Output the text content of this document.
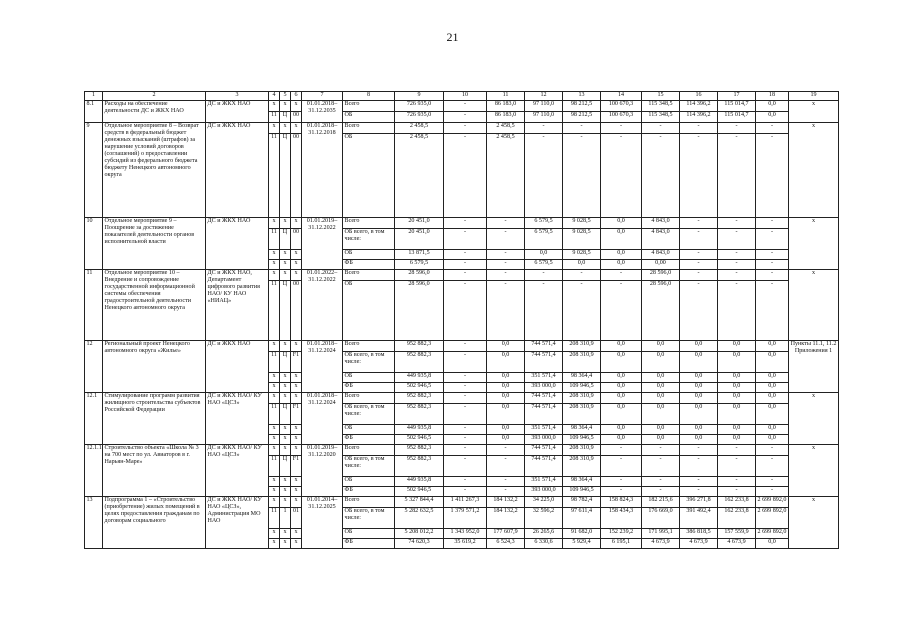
21
1	2	3	4	5	6	7	8	9	10	11	12	13	14	15	16	17	18	19
8.1	Расходы на обеспечение деятельности ДС и ЖКХ НАО	ДС и ЖКХ НАО	х	х	х	01.01.2018–31.12.2035	Всего	726 935,0	-	86 183,0	97 110,0	98 212,5	100 670,3	115 348,5	114 396,2	115 014,7	0,0	х
			11	Ц	00		ОБ	726 935,0	-	86 183,0	97 110,0	98 212,5	100 670,3	115 348,5	114 396,2	115 014,7	0,0	
9	Отдельное мероприятие 8 – Возврат средств в федеральный бюджет денежных взысканий (штрафов) за нарушение условий договоров (соглашений) о предоставлении субсидий из федерального бюджета бюджету Ненецкого автономного округа	ДС и ЖКХ НАО	х	х	х	01.01.2018–31.12.2018	Всего	2 458,5	-	2 458,5	-	-	-	-	-	-	-	х
			11	Ц	00		ОБ	2 458,5	-	2 458,5	-	-	-	-	-	-	-	
10	Отдельное мероприятие 9 – Поощрение за достижение показателей деятельности органов исполнительной власти	ДС и ЖКХ НАО	х	х	х	01.01.2019–31.12.2022	Всего	20 451,0	-	-	6 579,5	9 028,5	0,0	4 843,0	-	-	-	х
			11	Ц	00		ОБ всего, в том числе:	20 451,0	-	-	6 579,5	9 028,5	0,0	4 843,0	-	-	-	
			х	х	х		ОБ	13 871,5	-	-	0,0	9 028,5	0,0	4 843,0	-	-	-	
			х	х	х		ФБ	6 579,5	-	-	6 579,5	0,0	0,0	0,00	-	-	-	
11	Отдельное мероприятие 10 – Внедрение и сопровождение государственной информационной системы обеспечения градостроительной деятельности Ненецкого автономного округа	ДС и ЖКХ НАО, Департамент цифрового развития НАО/ КУ НАО «НИАЦ»	х	х	х	01.01.2022–31.12.2022	Всего	28 596,0	-	-	-	-	-	28 596,0	-	-	-	х
			11	Ц	00		ОБ	28 596,0	-	-	-	-	-	28 596,0	-	-	-	
12	Региональный проект Ненецкого автономного округа «Жилье»	ДС и ЖКХ НАО	х	х	х	01.01.2018–31.12.2024	Всего	952 882,3	-	0,0	744 571,4	208 310,9	0,0	0,0	0,0	0,0	0,0	Пункты 11.1, 11.2 Приложения 1
			11	Ц	F1		ОБ всего, в том числе:	952 882,3	-	0,0	744 571,4	208 310,9	0,0	0,0	0,0	0,0	0,0	
			х	х	х		ОБ	449 935,8	-	0,0	351 571,4	98 364,4	0,0	0,0	0,0	0,0	0,0	
			х	х	х		ФБ	502 946,5	-	0,0	393 000,0	109 946,5	0,0	0,0	0,0	0,0	0,0	
12.1	Стимулирование программ развития жилищного строительства субъектов Российской Федерации	ДС и ЖКХ НАО/ КУ НАО «ЦСЗ»	х	х	х	01.01.2018–31.12.2024	Всего	952 882,3	-	0,0	744 571,4	208 310,9	0,0	0,0	0,0	0,0	0,0	х
			11	Ц	F1		ОБ всего, в том числе:	952 882,3	-	0,0	744 571,4	208 310,9	0,0	0,0	0,0	0,0	0,0	
			х	х	х		ОБ	449 935,8	-	0,0	351 571,4	98 364,4	0,0	0,0	0,0	0,0	0,0	
			х	х	х		ФБ	502 946,5	-	0,0	393 000,0	109 946,5	0,0	0,0	0,0	0,0	0,0	
12.1.1	Строительство объекта «Школа № 3 на 700 мест по ул. Авиаторов в г. Нарьян-Маре»	ДС и ЖКХ НАО/ КУ НАО «ЦСЗ»	х	х	х	01.01.2019–31.12.2020	Всего	952 882,3	-	-	744 571,4	208 310,9	-	-	-	-	-	х
			11	Ц	F1		ОБ всего, в том числе:	952 882,3	-	-	744 571,4	208 310,9	-	-	-	-	-	
			х	х	х		ОБ	449 935,8	-	-	351 571,4	98 364,4	-	-	-	-	-	
			х	х	х		ФБ	502 946,5	-	-	393 000,0	109 946,5	-	-	-	-	-	
13	Подпрограмма 1 – «Строительство (приобретение) жилых помещений в целях предоставления гражданам по договорам социального	ДС и ЖКХ НАО/ КУ НАО «ЦСЗ», Администрация МО НАО	х	х	х	01.01.2014–31.12.2025	Всего	5 327 844,4	1 411 267,3	184 132,2	34 225,0	98 782,4	158 824,3	182 215,6	396 271,8	162 233,8	2 699 892,0	х
			11	1	01		ОБ всего, в том числе:	5 282 632,5	1 379 571,2	184 132,2	32 596,2	97 611,4	158 434,3	176 669,0	391 492,4	162 233,8	2 699 892,0	
			х	х	х		ОБ	5 208 012,2	1 343 952,0	177 607,9	26 265,6	91 682,0	152 239,2	171 995,1	386 818,5	157 559,9	2 699 892,0	
			х	х	х		ФБ	74 620,3	35 619,2	6 524,3	6 330,6	5 929,4	6 195,1	4 673,9	4 673,9	4 673,9	0,0	
